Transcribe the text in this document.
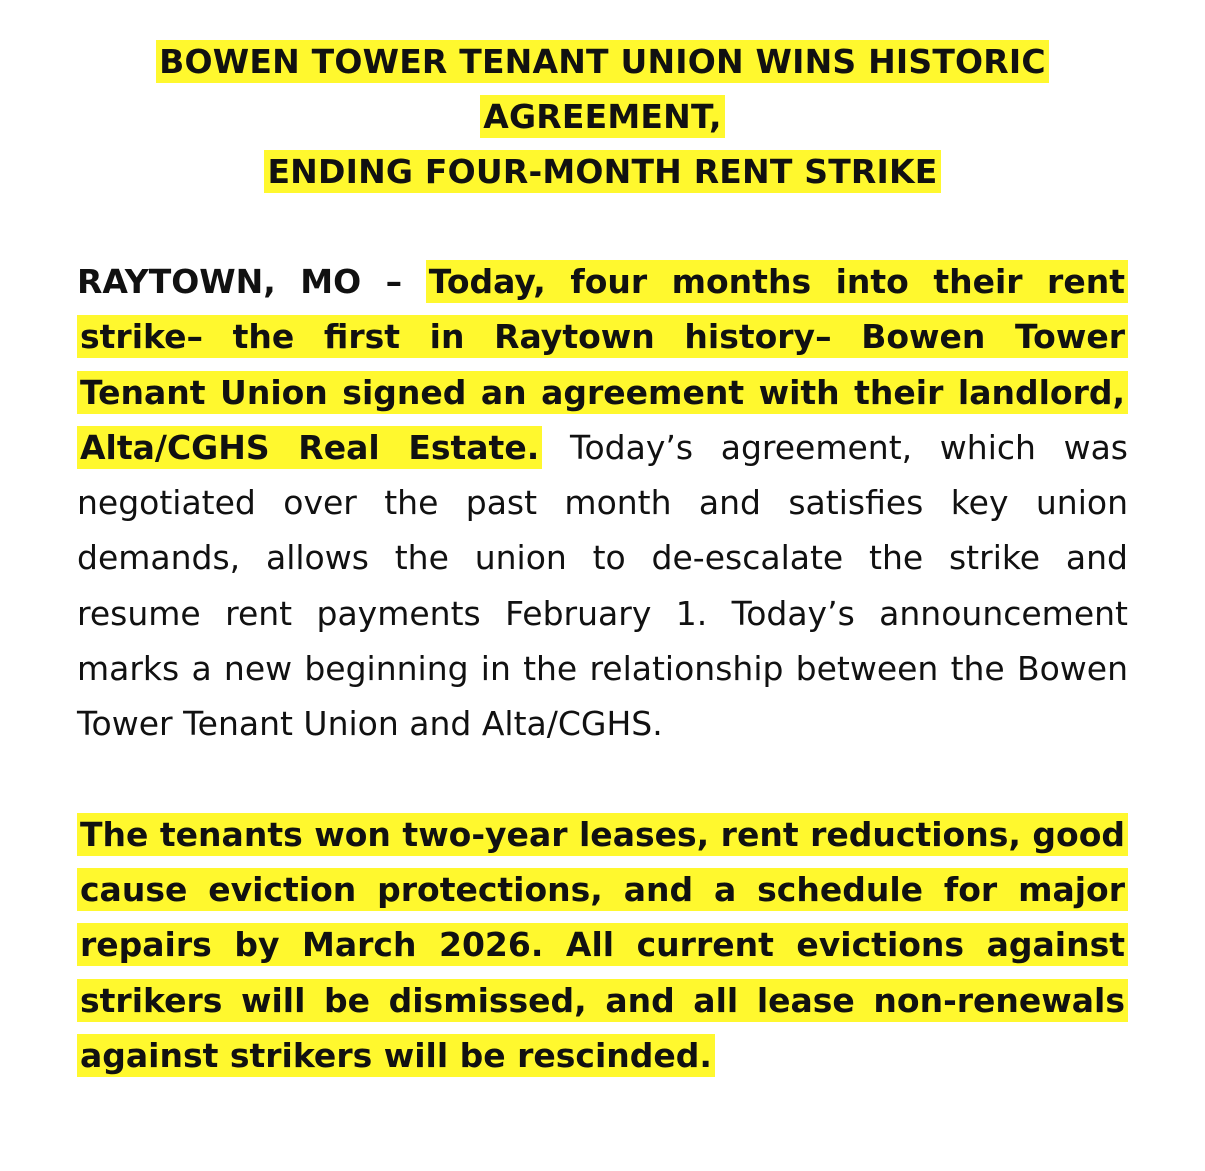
BOWEN TOWER TENANT UNION WINS HISTORIC AGREEMENT,
ENDING FOUR-MONTH RENT STRIKE

RAYTOWN, MO – Today, four months into their rent strike– the first in Raytown history– Bowen Tower Tenant Union signed an agreement with their landlord, Alta/CGHS Real Estate. Today’s agreement, which was negotiated over the past month and satisfies key union demands, allows the union to de-escalate the strike and resume rent payments February 1. Today’s announcement marks a new beginning in the relationship between the Bowen Tower Tenant Union and Alta/CGHS.

The tenants won two-year leases, rent reductions, good cause eviction protections, and a schedule for major repairs by March 2026. All current evictions against strikers will be dismissed, and all lease non-renewals against strikers will be rescinded.
